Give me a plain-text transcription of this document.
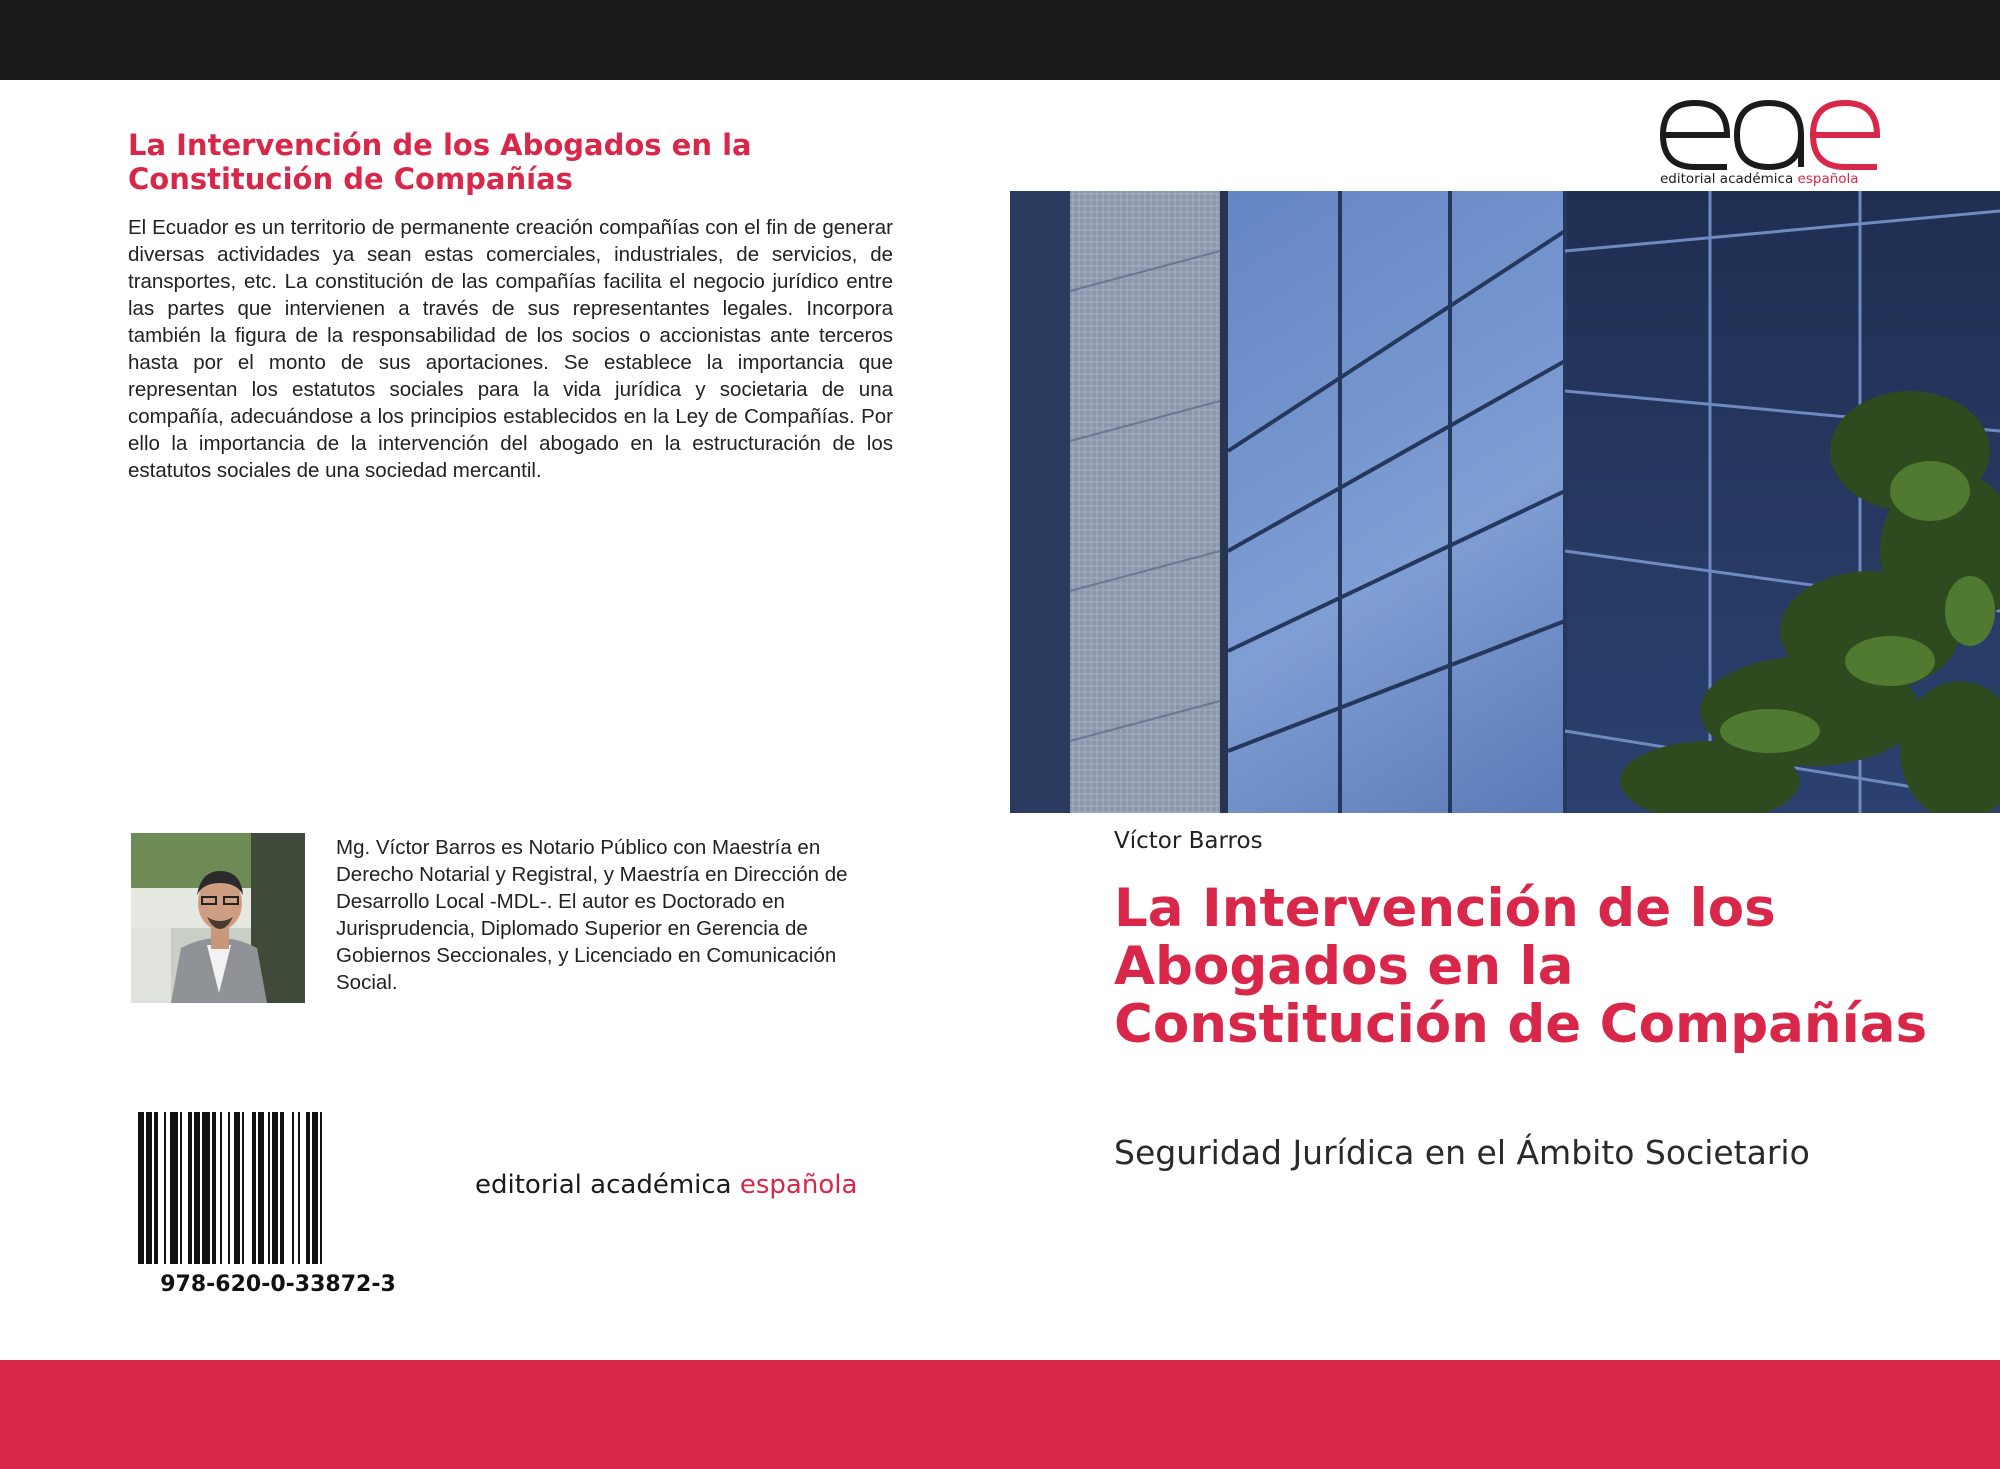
La Intervención de los Abogados en la Constitución de Compañías

El Ecuador es un territorio de permanente creación compañías con el fin de generar diversas actividades ya sean estas comerciales, industriales, de servicios, de transportes, etc. La constitución de las compañías facilita el negocio jurídico entre las partes que intervienen a través de sus representantes legales. Incorpora también la figura de la responsabilidad de los socios o accionistas ante terceros hasta por el monto de sus aportaciones. Se establece la importancia que representan los estatutos sociales para la vida jurídica y societaria de una compañía, adecuándose a los principios establecidos en la Ley de Compañías. Por ello la importancia de la intervención del abogado en la estructuración de los estatutos sociales de una sociedad mercantil.

Mg. Víctor Barros es Notario Público con Maestría en Derecho Notarial y Registral, y Maestría en Dirección de Desarrollo Local -MDL-. El autor es Doctorado en Jurisprudencia, Diplomado Superior en Gerencia de Gobiernos Seccionales, y Licenciado en Comunicación Social.

978-620-0-33872-3
editorial académica española
editorial académica española
Víctor Barros
La Intervención de los Abogados en la Constitución de Compañías
Seguridad Jurídica en el Ámbito Societario
